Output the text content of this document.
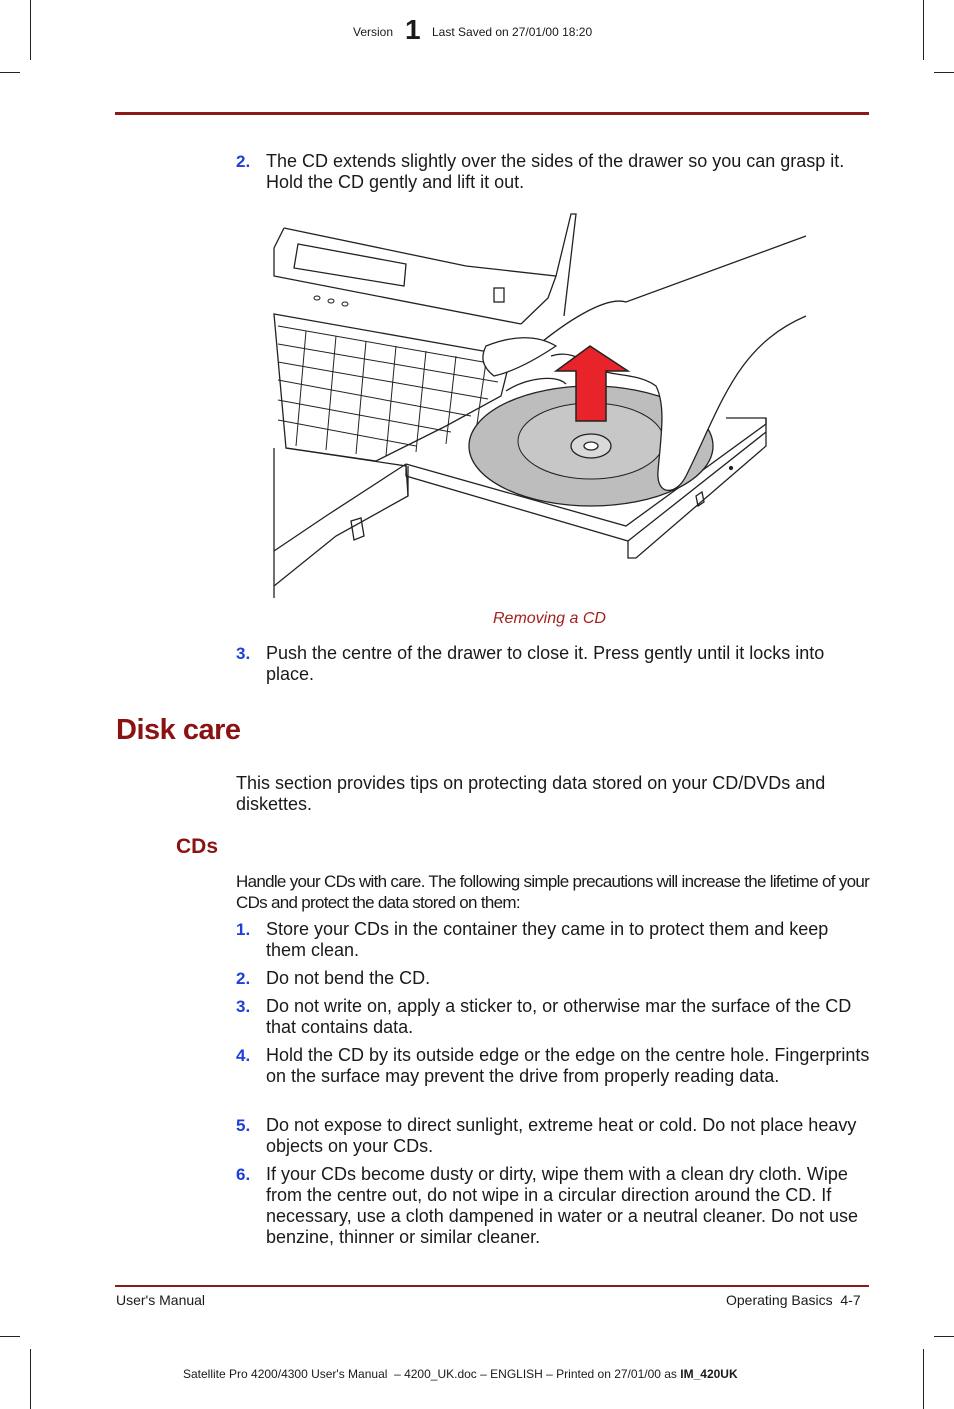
Version 1 Last Saved on 27/01/00 18:20
2. The CD extends slightly over the sides of the drawer so you can grasp it. Hold the CD gently and lift it out.
Removing a CD
3. Push the centre of the drawer to close it. Press gently until it locks into place.
Disk care
This section provides tips on protecting data stored on your CD/DVDs and diskettes.
CDs
Handle your CDs with care. The following simple precautions will increase the lifetime of your CDs and protect the data stored on them:
1. Store your CDs in the container they came in to protect them and keep them clean.
2. Do not bend the CD.
3. Do not write on, apply a sticker to, or otherwise mar the surface of the CD that contains data.
4. Hold the CD by its outside edge or the edge on the centre hole. Fingerprints on the surface may prevent the drive from properly reading data.
5. Do not expose to direct sunlight, extreme heat or cold. Do not place heavy objects on your CDs.
6. If your CDs become dusty or dirty, wipe them with a clean dry cloth. Wipe from the centre out, do not wipe in a circular direction around the CD. If necessary, use a cloth dampened in water or a neutral cleaner. Do not use benzine, thinner or similar cleaner.
User's Manual	Operating Basics  4-7
Satellite Pro 4200/4300 User's Manual  – 4200_UK.doc – ENGLISH – Printed on 27/01/00 as IM_420UK
